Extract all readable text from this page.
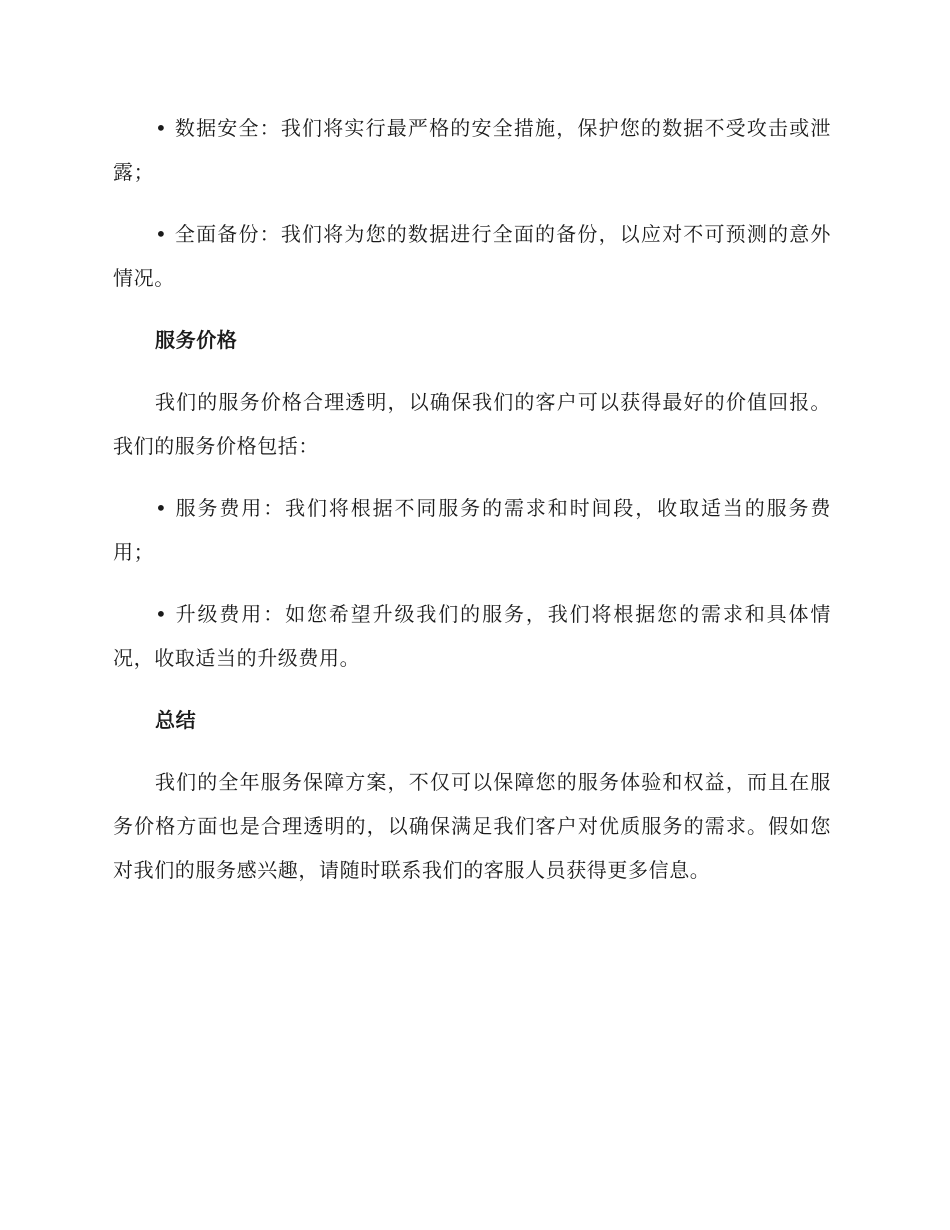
• 数据安全：我们将实行最严格的安全措施，保护您的数据不受攻击或泄露；

• 全面备份：我们将为您的数据进行全面的备份，以应对不可预测的意外情况。

服务价格

我们的服务价格合理透明，以确保我们的客户可以获得最好的价值回报。我们的服务价格包括：

• 服务费用：我们将根据不同服务的需求和时间段，收取适当的服务费用；

• 升级费用：如您希望升级我们的服务，我们将根据您的需求和具体情况，收取适当的升级费用。

总结

我们的全年服务保障方案，不仅可以保障您的服务体验和权益，而且在服务价格方面也是合理透明的，以确保满足我们客户对优质服务的需求。假如您对我们的服务感兴趣，请随时联系我们的客服人员获得更多信息。
